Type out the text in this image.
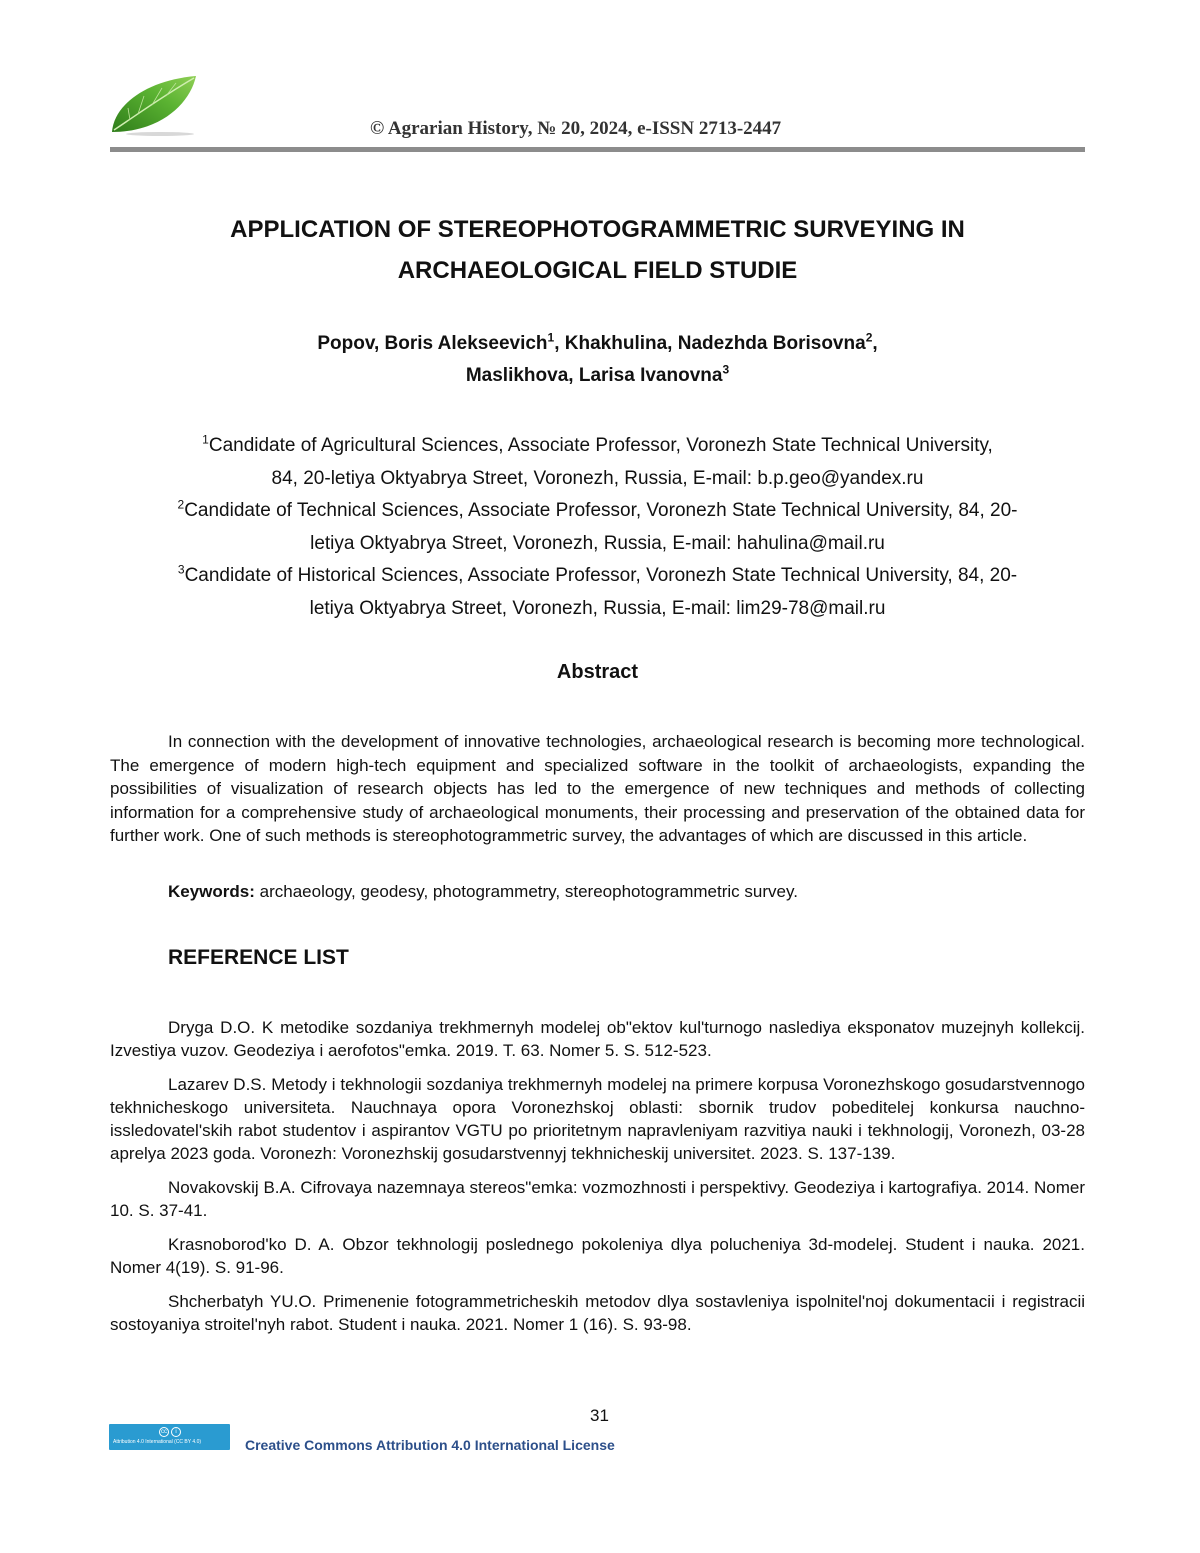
© Agrarian History, № 20, 2024, e-ISSN 2713-2447
APPLICATION OF STEREOPHOTOGRAMMETRIC SURVEYING IN
ARCHAEOLOGICAL FIELD STUDIE
Popov, Boris Alekseevich$^1$, Khakhulina, Nadezhda Borisovna$^2$,
Maslikhova, Larisa Ivanovna$^3$
$^1$Candidate of Agricultural Sciences, Associate Professor, Voronezh State Technical University,
84, 20-letiya Oktyabrya Street, Voronezh, Russia, E-mail: b.p.geo@yandex.ru
$^2$Candidate of Technical Sciences, Associate Professor, Voronezh State Technical University, 84, 20-
letiya Oktyabrya Street, Voronezh, Russia, E-mail: hahulina@mail.ru
$^3$Candidate of Historical Sciences, Associate Professor, Voronezh State Technical University, 84, 20-
letiya Oktyabrya Street, Voronezh, Russia, E-mail: lim29-78@mail.ru
Abstract

In connection with the development of innovative technologies, archaeological research is becoming more technological. The emergence of modern high-tech equipment and specialized software in the toolkit of archaeologists, expanding the possibilities of visualization of research objects has led to the emergence of new techniques and methods of collecting information for a comprehensive study of archaeological monuments, their processing and preservation of the obtained data for further work. One of such methods is stereophotogrammetric survey, the advantages of which are discussed in this article.

Keywords: archaeology, geodesy, photogrammetry, stereophotogrammetric survey.
REFERENCE LIST

Dryga D.O. K metodike sozdaniya trekhmernyh modelej ob"ektov kul'turnogo naslediya eksponatov muzejnyh kollekcij. Izvestiya vuzov. Geodeziya i aerofotos"emka. 2019. T. 63. Nomer 5. S. 512-523.

Lazarev D.S. Metody i tekhnologii sozdaniya trekhmernyh modelej na primere korpusa Voronezhskogo gosudarstvennogo tekhnicheskogo universiteta. Nauchnaya opora Voronezhskoj oblasti: sbornik trudov pobeditelej konkursa nauchno-issledovatel'skih rabot studentov i aspirantov VGTU po prioritetnym napravleniyam razvitiya nauki i tekhnologij, Voronezh, 03-28 aprelya 2023 goda. Voronezh: Voronezhskij gosudarstvennyj tekhnicheskij universitet. 2023. S. 137-139.

Novakovskij B.A. Cifrovaya nazemnaya stereos"emka: vozmozhnosti i perspektivy. Geodeziya i kartografiya. 2014. Nomer 10. S. 37-41.

Krasnoborod'ko D. A. Obzor tekhnologij poslednego pokoleniya dlya polucheniya 3d-modelej. Student i nauka. 2021. Nomer 4(19). S. 91-96.

Shcherbatyh YU.O. Primenenie fotogrammetricheskih metodov dlya sostavleniya ispolnitel'noj dokumentacii i registracii sostoyaniya stroitel'nyh rabot. Student i nauka. 2021. Nomer 1 (16). S. 93-98.

31
cc	i
Attribution 4.0 International (CC BY 4.0)	Creative Commons Attribution 4.0 International License
